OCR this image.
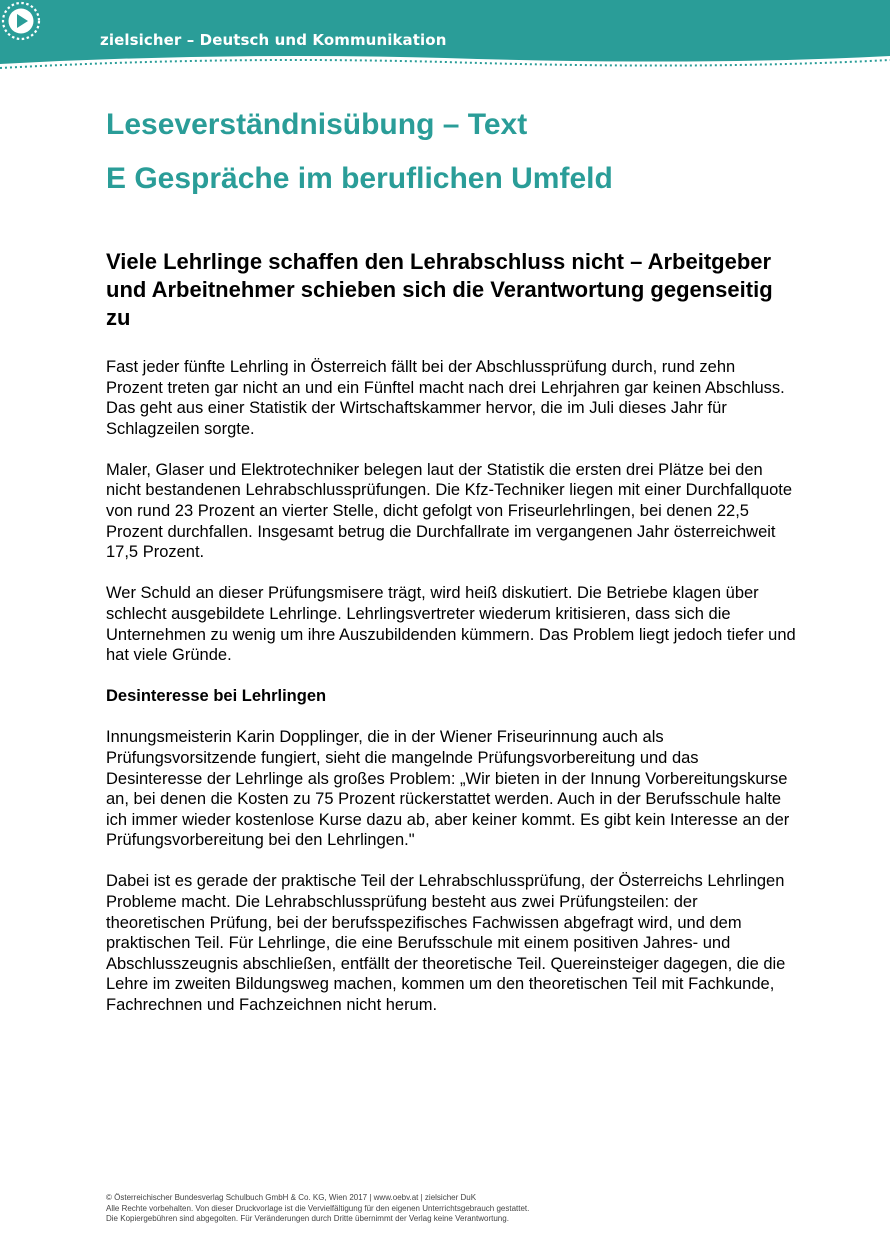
zielsicher – Deutsch und Kommunikation
Leseverständnisübung – Text
E Gespräche im beruflichen Umfeld
Viele Lehrlinge schaffen den Lehrabschluss nicht – Arbeitgeber und Arbeitnehmer schieben sich die Verantwortung gegenseitig zu

Fast jeder fünfte Lehrling in Österreich fällt bei der Abschlussprüfung durch, rund zehn Prozent treten gar nicht an und ein Fünftel macht nach drei Lehrjahren gar keinen Abschluss. Das geht aus einer Statistik der Wirtschaftskammer hervor, die im Juli dieses Jahr für Schlagzeilen sorgte.

Maler, Glaser und Elektrotechniker belegen laut der Statistik die ersten drei Plätze bei den nicht bestandenen Lehrabschlussprüfungen. Die Kfz-Techniker liegen mit einer Durchfallquote von rund 23 Prozent an vierter Stelle, dicht gefolgt von Friseurlehrlingen, bei denen 22,5 Prozent durchfallen. Insgesamt betrug die Durchfallrate im vergangenen Jahr österreichweit 17,5 Prozent.

Wer Schuld an dieser Prüfungsmisere trägt, wird heiß diskutiert. Die Betriebe klagen über schlecht ausgebildete Lehrlinge. Lehrlingsvertreter wiederum kritisieren, dass sich die Unternehmen zu wenig um ihre Auszubildenden kümmern. Das Problem liegt jedoch tiefer und hat viele Gründe.

Desinteresse bei Lehrlingen

Innungsmeisterin Karin Dopplinger, die in der Wiener Friseurinnung auch als Prüfungsvorsitzende fungiert, sieht die mangelnde Prüfungsvorbereitung und das Desinteresse der Lehrlinge als großes Problem: „Wir bieten in der Innung Vorbereitungskurse an, bei denen die Kosten zu 75 Prozent rückerstattet werden. Auch in der Berufsschule halte ich immer wieder kostenlose Kurse dazu ab, aber keiner kommt. Es gibt kein Interesse an der Prüfungsvorbereitung bei den Lehrlingen."

Dabei ist es gerade der praktische Teil der Lehrabschlussprüfung, der Österreichs Lehrlingen Probleme macht. Die Lehrabschlussprüfung besteht aus zwei Prüfungsteilen: der theoretischen Prüfung, bei der berufsspezifisches Fachwissen abgefragt wird, und dem praktischen Teil. Für Lehrlinge, die eine Berufsschule mit einem positiven Jahres- und Abschlusszeugnis abschließen, entfällt der theoretische Teil. Quereinsteiger dagegen, die die Lehre im zweiten Bildungsweg machen, kommen um den theoretischen Teil mit Fachkunde, Fachrechnen und Fachzeichnen nicht herum.

© Österreichischer Bundesverlag Schulbuch GmbH & Co. KG, Wien 2017 | www.oebv.at | zielsicher DuK
Alle Rechte vorbehalten. Von dieser Druckvorlage ist die Vervielfältigung für den eigenen Unterrichtsgebrauch gestattet.
Die Kopiergebühren sind abgegolten. Für Veränderungen durch Dritte übernimmt der Verlag keine Verantwortung.
